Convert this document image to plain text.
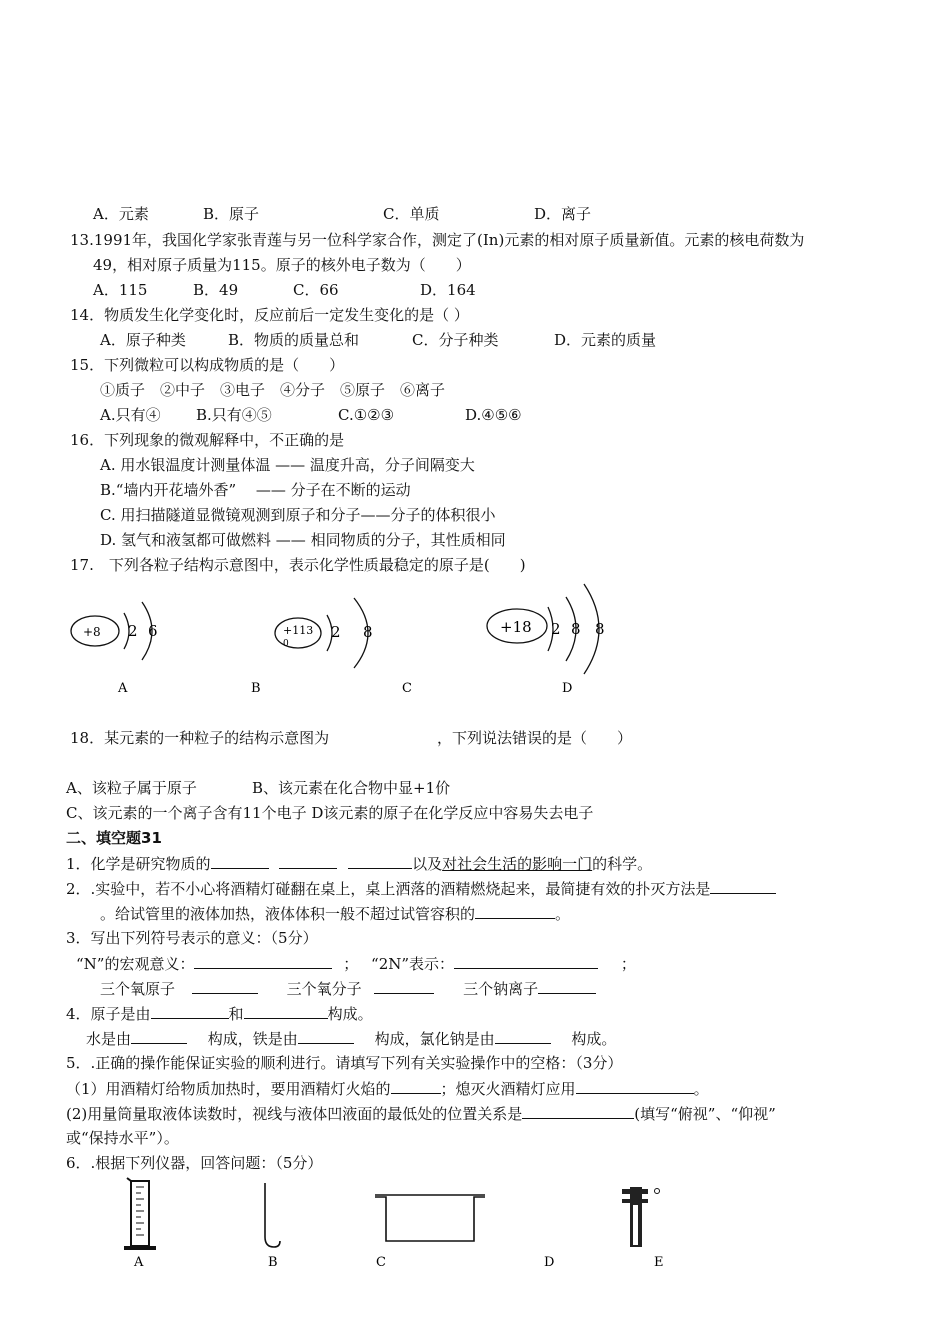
A．元素	B．原子	C．单质	D．离子
13.1991年，我国化学家张青莲与另一位科学家合作，测定了(In)元素的相对原子质量新值。元素的核电荷数为
49，相对原子质量为115。原子的核外电子数为（　　）
A．115	B．49	C．66	D．164
14．物质发生化学变化时，反应前后一定发生变化的是（ ）
A．原子种类	B．物质的质量总和	C．分子种类	D．元素的质量
15．下列微粒可以构成物质的是（　　）
①质子　②中子　③电子　④分子　⑤原子　⑥离子
A.只有④ B.只有④⑤	C.①②③	D.④⑤⑥
16．下列现象的微观解释中，不正确的是
A. 用水银温度计测量体温 —— 温度升高，分子间隔变大
B.“墙内开花墙外香”　 —— 分子在不断的运动
C. 用扫描隧道显微镜观测到原子和分子——分子的体积很小
D. 氢气和液氢都可做燃料 —— 相同物质的分子，其性质相同
17.　下列各粒子结构示意图中，表示化学性质最稳定的原子是(　　)
+8 2 6
A
+113
0
2 8
B	C
+18 2 8 8
D
18．某元素的一种粒子的结构示意图为	，下列说法错误的是（　　）
A、该粒子属于原子	B、该元素在化合物中显+1价
C、该元素的一个离子含有11个电子 D该元素的原子在化学反应中容易失去电子
二、填空题31
1．化学是研究物质的	以及对社会生活的影响一门的科学。
2．.实验中，若不小心将酒精灯碰翻在桌上，桌上洒落的酒精燃烧起来，最简捷有效的扑灭方法是
。给试管里的液体加热，液体体积一般不超过试管容积的	。
3．写出下列符号表示的意义：（5分）
“N”的宏观意义：	； “2N”表示：	；
三个氧原子	三个氧分子	三个钠离子
4．原子是由	和	构成。
水是由	构成，铁是由	构成，氯化钠是由	构成。
5．.正确的操作能保证实验的顺利进行。请填写下列有关实验操作中的空格：（3分）
（1）用酒精灯给物质加热时，要用酒精灯火焰的	；熄灭火酒精灯应用	。
(2)用量筒量取液体读数时，视线与液体凹液面的最低处的位置关系是	(填写“俯视”、“仰视”
或“保持水平”）。
6．.根据下列仪器，回答问题：（5分）
A	B	C	D	E
